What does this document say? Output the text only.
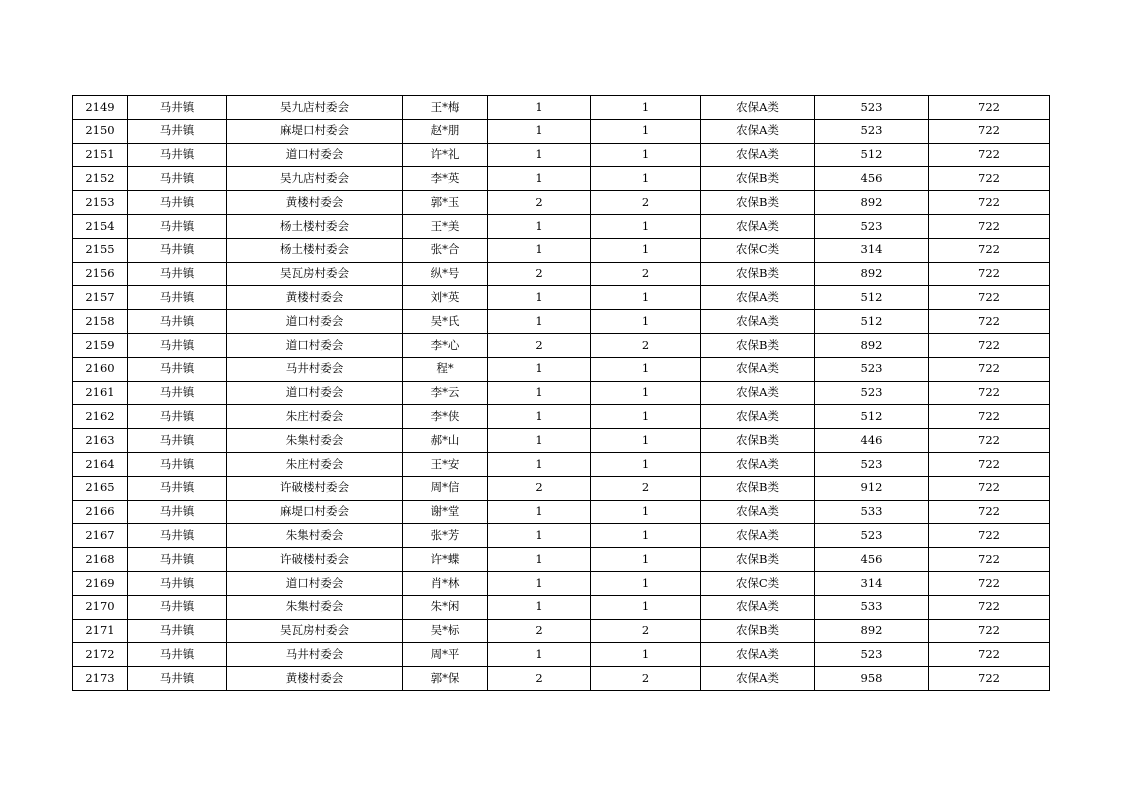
2149	马井镇	吴九店村委会	王*梅	1	1	农保A类	523	722
2150	马井镇	麻堤口村委会	赵*朋	1	1	农保A类	523	722
2151	马井镇	道口村委会	许*礼	1	1	农保A类	512	722
2152	马井镇	吴九店村委会	李*英	1	1	农保B类	456	722
2153	马井镇	黄楼村委会	郭*玉	2	2	农保B类	892	722
2154	马井镇	杨土楼村委会	王*美	1	1	农保A类	523	722
2155	马井镇	杨土楼村委会	张*合	1	1	农保C类	314	722
2156	马井镇	吴瓦房村委会	纵*号	2	2	农保B类	892	722
2157	马井镇	黄楼村委会	刘*英	1	1	农保A类	512	722
2158	马井镇	道口村委会	吴*氏	1	1	农保A类	512	722
2159	马井镇	道口村委会	李*心	2	2	农保B类	892	722
2160	马井镇	马井村委会	程*	1	1	农保A类	523	722
2161	马井镇	道口村委会	李*云	1	1	农保A类	523	722
2162	马井镇	朱庄村委会	李*侠	1	1	农保A类	512	722
2163	马井镇	朱集村委会	郝*山	1	1	农保B类	446	722
2164	马井镇	朱庄村委会	王*安	1	1	农保A类	523	722
2165	马井镇	许破楼村委会	周*信	2	2	农保B类	912	722
2166	马井镇	麻堤口村委会	谢*堂	1	1	农保A类	533	722
2167	马井镇	朱集村委会	张*芳	1	1	农保A类	523	722
2168	马井镇	许破楼村委会	许*蝶	1	1	农保B类	456	722
2169	马井镇	道口村委会	肖*林	1	1	农保C类	314	722
2170	马井镇	朱集村委会	朱*闲	1	1	农保A类	533	722
2171	马井镇	吴瓦房村委会	吴*标	2	2	农保B类	892	722
2172	马井镇	马井村委会	周*平	1	1	农保A类	523	722
2173	马井镇	黄楼村委会	郭*保	2	2	农保A类	958	722
